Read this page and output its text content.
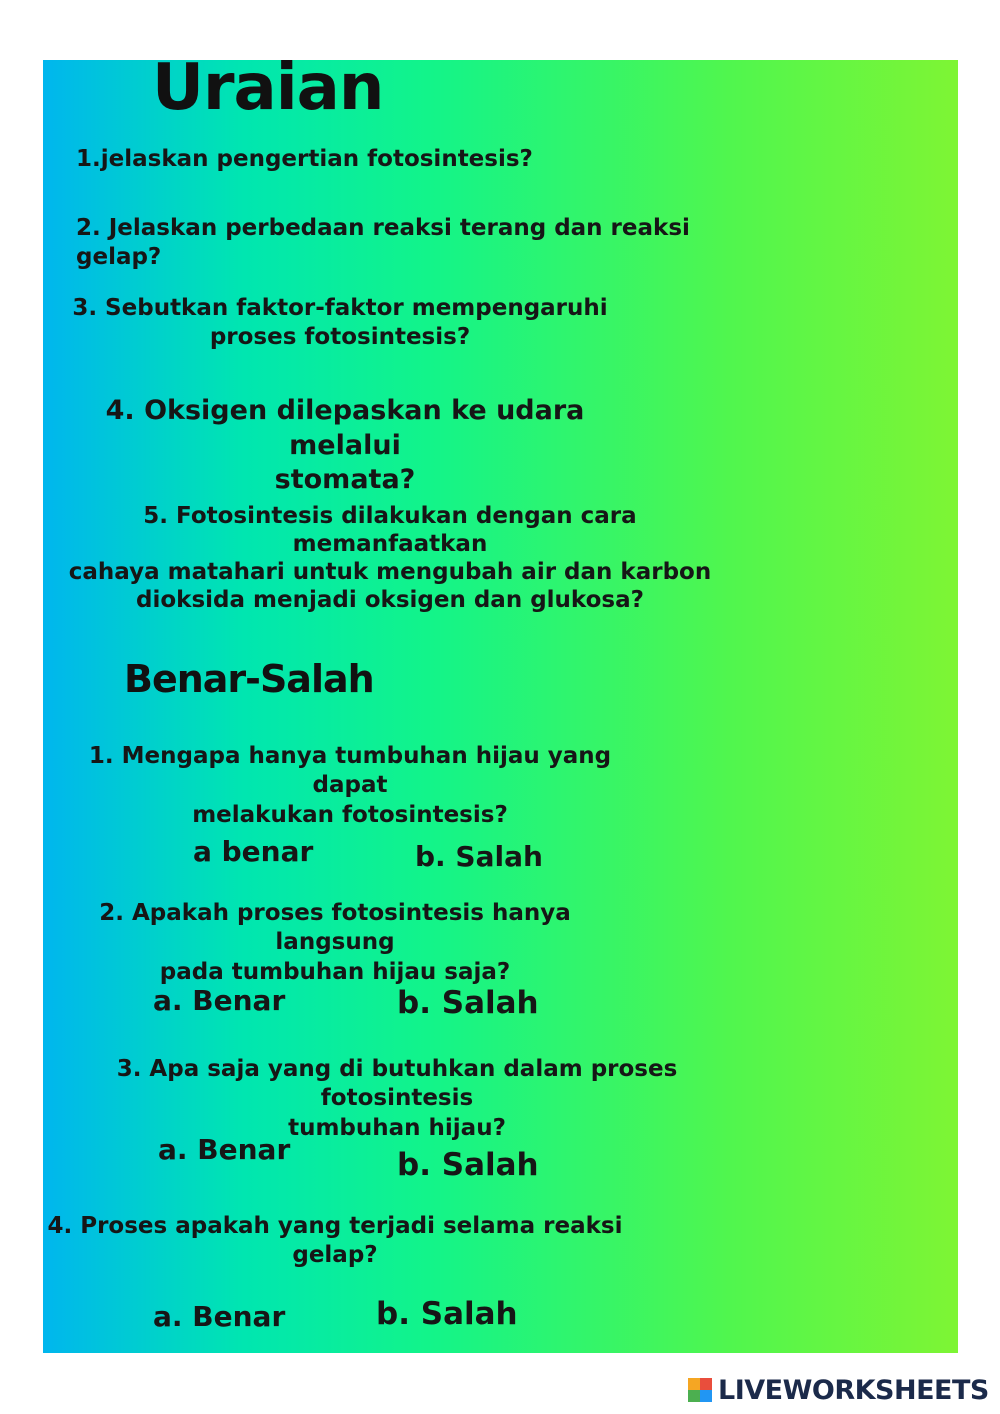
Uraian
1.jelaskan pengertian fotosintesis?
2. Jelaskan perbedaan reaksi terang dan reaksi gelap?
3. Sebutkan faktor-faktor mempengaruhi
proses fotosintesis?
4. Oksigen dilepaskan ke udara melalui
stomata?
5. Fotosintesis dilakukan dengan cara memanfaatkan
cahaya matahari untuk mengubah air dan karbon
dioksida menjadi oksigen dan glukosa?
Benar-Salah
1. Mengapa hanya tumbuhan hijau yang dapat
melakukan fotosintesis?
a benar	b. Salah
2. Apakah proses fotosintesis hanya langsung
pada tumbuhan hijau saja?
a. Benar	b. Salah
3. Apa saja yang di butuhkan dalam proses fotosintesis
tumbuhan hijau?
a. Benar	b. Salah
4. Proses apakah yang terjadi selama reaksi
gelap?
a. Benar	b. Salah
LIVEWORKSHEETS
